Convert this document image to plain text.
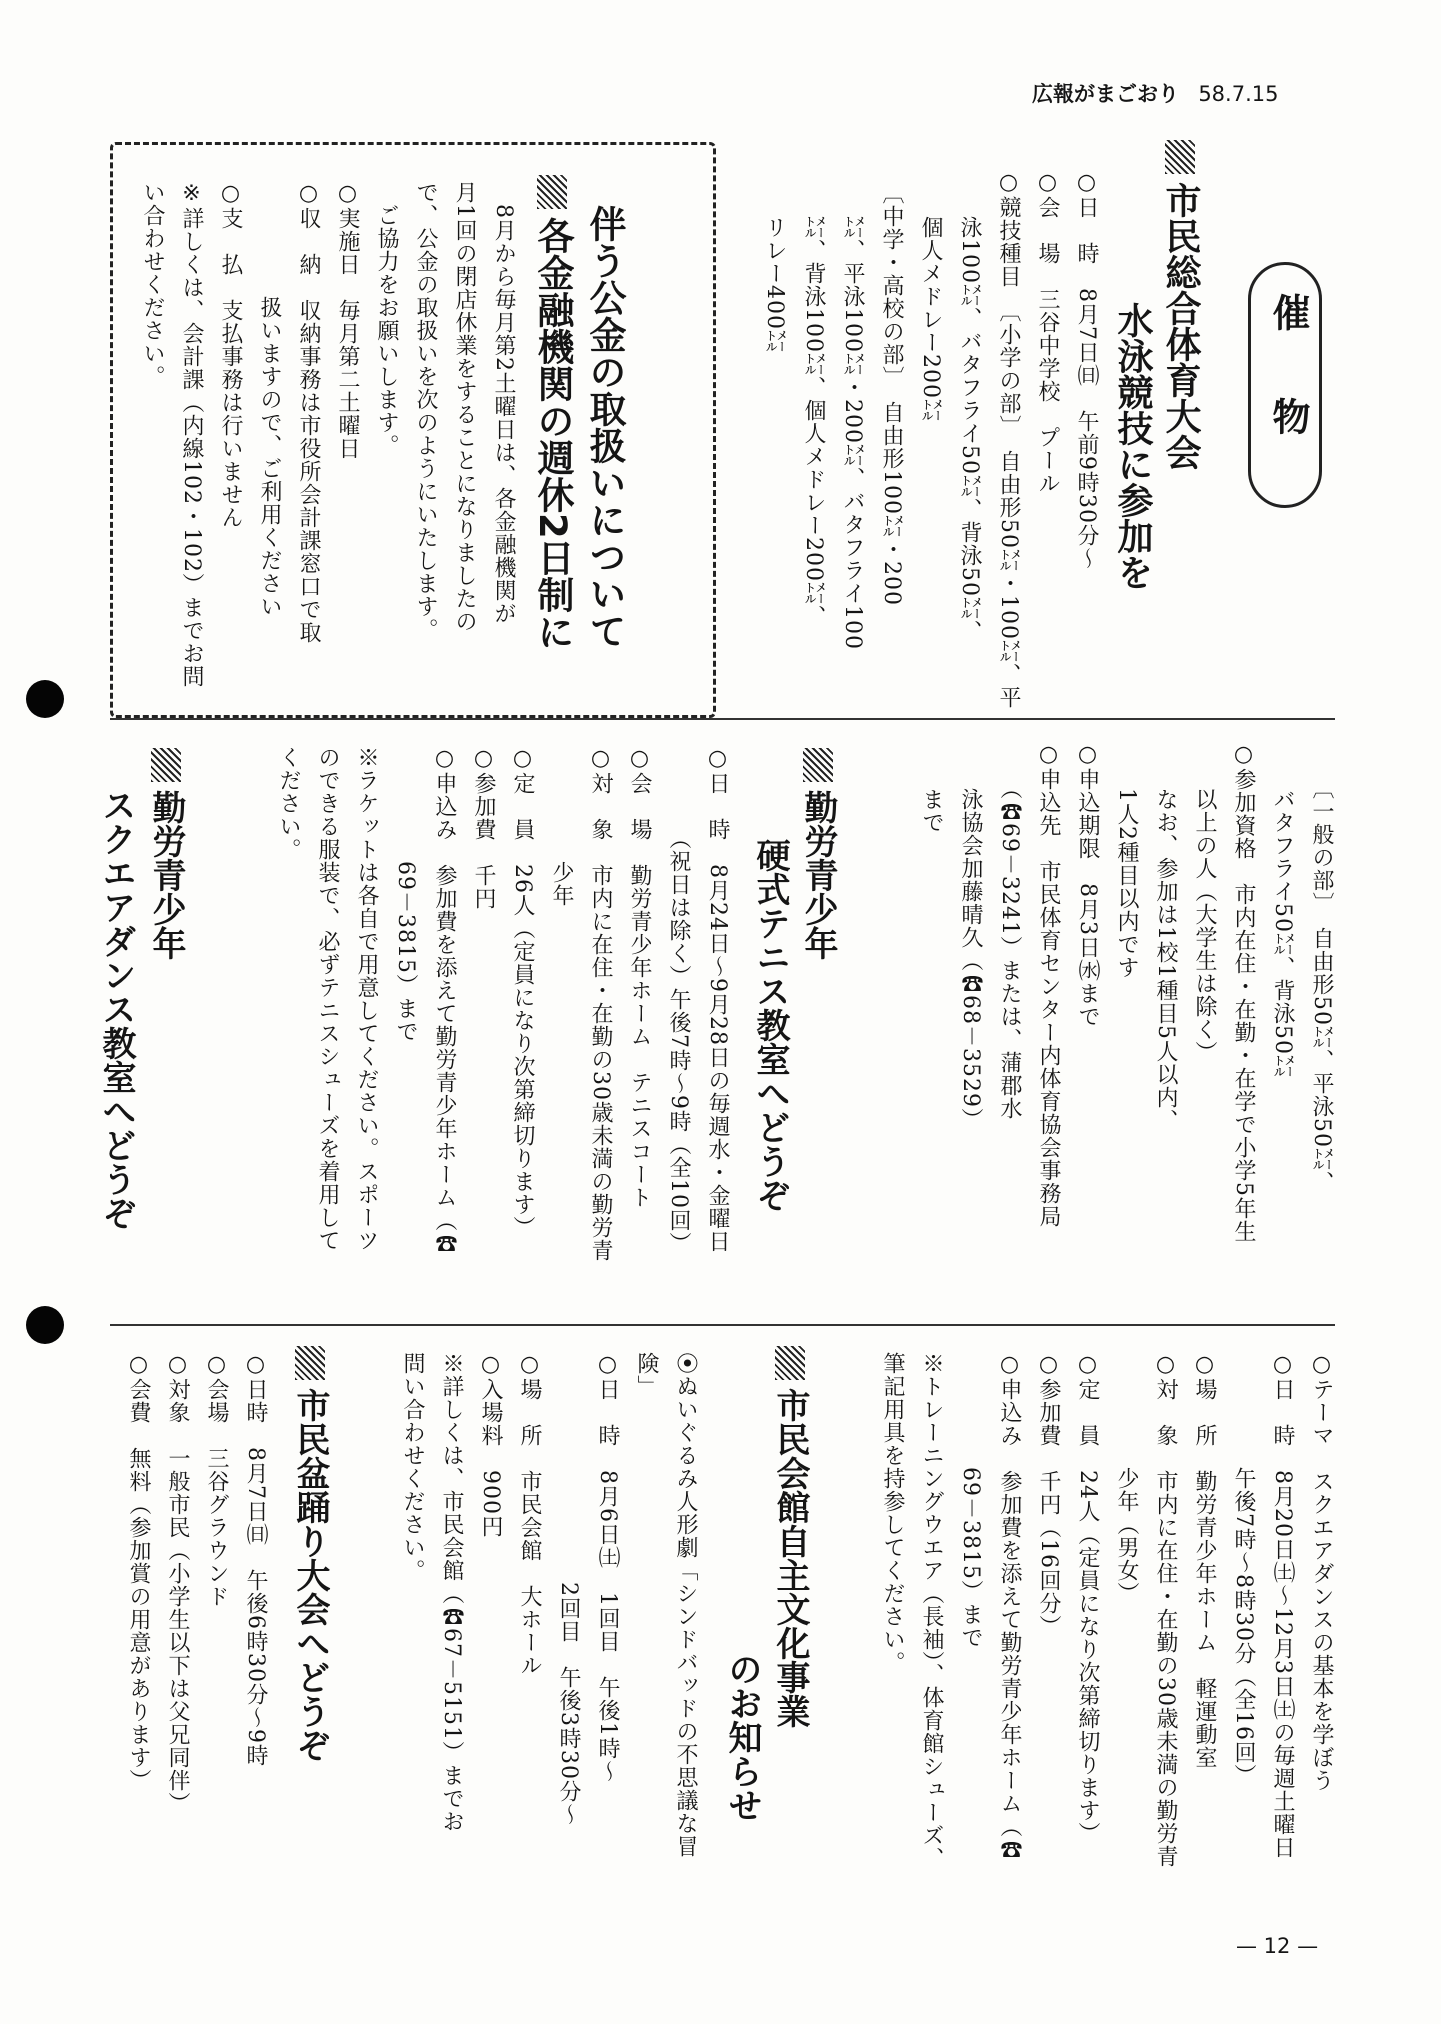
広報がまごおり 58.7.15
催　物
市民総合体育大会
水泳競技に参加を
○日　時　8月7日㈰　午前9時30分～
○会　場　三谷中学校　プール
○競技種目　〔小学の部〕　自由形50㍍・100㍍、平
　　泳100㍍、バタフライ50㍍、背泳50㍍、
　　個人メドレー200㍍
　〔中学・高校の部〕　自由形100㍍・200
　　㍍、平泳100㍍・200㍍、バタフライ100
　　㍍、背泳100㍍、個人メドレー200㍍、
　　リレー400㍍
各金融機関の週休2日制に 伴う公金の取扱いについて
　8月から毎月第2土曜日は、各金融機関が
月1回の閉店休業をすることになりましたの
で、公金の取扱いを次のようにいたします。
　ご協力をお願いします。
○実施日　毎月第二土曜日
○収　納　収納事務は市役所会計課窓口で取
　　　　　扱いますので、ご利用ください
○支　払　支払事務は行いません
※詳しくは、会計課（内線102・102）までお問
い合わせください。
　　〔一般の部〕　自由形50㍍、平泳50㍍、
　　バタフライ50㍍、背泳50㍍
○参加資格　市内在住・在勤・在学で小学5年生
　　以上の人（大学生は除く）
　　なお、参加は1校1種目5人以内、
　　1人2種目以内です
○申込期限　8月3日㈬まで
○申込先　市民体育センター内体育協会事務局
　　（☎69－3241）または、蒲郡水
　　泳協会加藤晴久（☎68－3529）
　　まで
勤労青少年
硬式テニス教室へどうぞ
○日　時　8月24日～9月28日の毎週水・金曜日
　　　　（祝日は除く）午後7時～9時（全10回）
○会　場　勤労青少年ホーム　テニスコート
○対　象　市内に在住・在勤の30歳未満の勤労青
　　　　　少年
○定　員　26人（定員になり次第締切ります）
○参加費　千円
○申込み　参加費を添えて勤労青少年ホーム（☎
　　　　　69－3815）まで
※ラケットは各自で用意してください。スポーツ
のできる服装で、必ずテニスシューズを着用して
ください。
勤労青少年
スクエアダンス教室へどうぞ
○テーマ　スクエアダンスの基本を学ぼう
○日　時　8月20日㈯～12月3日㈯の毎週土曜日
　　　　　午後7時～8時30分（全16回）
○場　所　勤労青少年ホーム　軽運動室
○対　象　市内に在住・在勤の30歳未満の勤労青
　　　　　少年（男女）
○定　員　24人（定員になり次第締切ります）
○参加費　千円（16回分）
○申込み　参加費を添えて勤労青少年ホーム（☎
　　　　　69－3815）まで
※トレーニングウエア（長袖）、体育館シューズ、
筆記用具を持参してください。
市民会館自主文化事業
のお知らせ
⦿ぬいぐるみ人形劇「シンドバッドの不思議な冒
険」
○日　時　8月6日㈯　1回目　午後1時～
　　　　　　　　　　2回目　午後3時30分～
○場　所　市民会館　大ホール
○入場料　900円
※詳しくは、市民会館（☎67－5151）までお
問い合わせください。
市民盆踊り大会へどうぞ
○日時　8月7日㈰　午後6時30分～9時
○会場　三谷グラウンド
○対象　一般市民（小学生以下は父兄同伴）
○会費　無料（参加賞の用意があります）
— 12 —
